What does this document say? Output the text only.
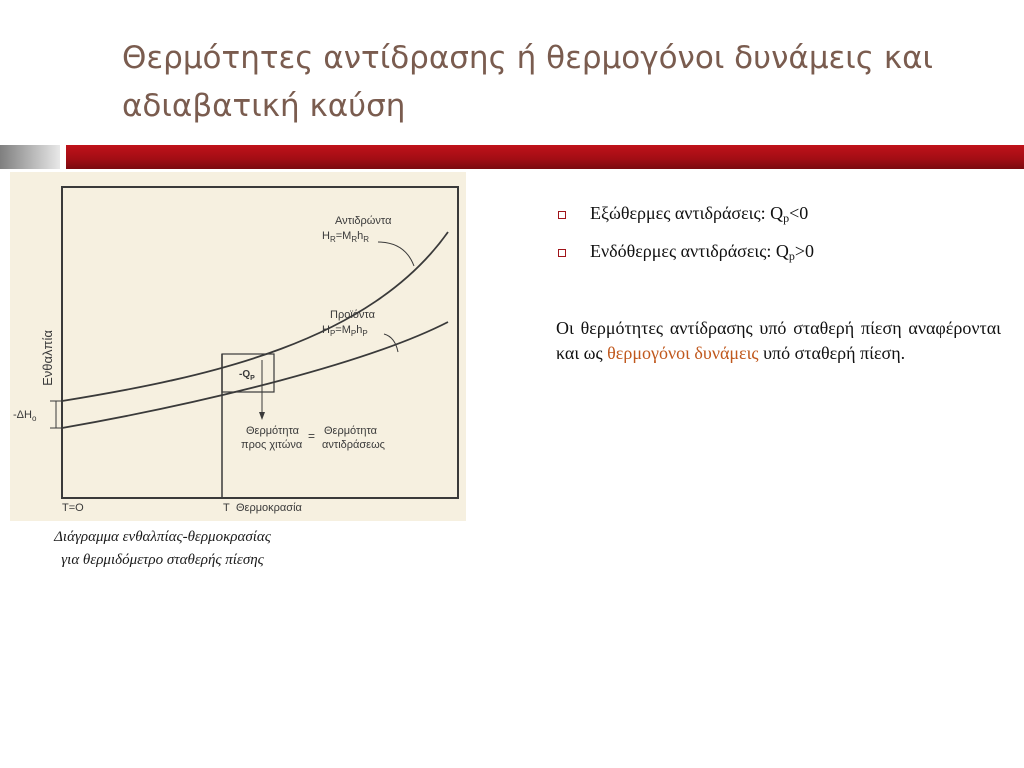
Θερμότητες αντίδρασης ή θερμογόνοι δυνάμεις και αδιαβατική καύση
Ενθαλπία
Αντιδρώντα
$H_R=M_Rh_R$
Προϊόντα
$H_P=M_Ph_P$
$-Q_P$
$-\Delta H_o$
Θερμότητα
προς χιτώνα
= Θερμότητα
αντιδράσεως
T=O	T Θερμοκρασία
Διάγραμμα ενθαλπίας-θερμοκρασίας
για θερμιδόμετρο σταθερής πίεσης
Εξώθερμες αντιδράσεις: $Q_p<0$
Ενδόθερμες αντιδράσεις: $Q_p>0$
Οι θερμότητες αντίδρασης υπό σταθερή πίεση αναφέρονται και ως θερμογόνοι δυνάμεις υπό σταθερή πίεση.
